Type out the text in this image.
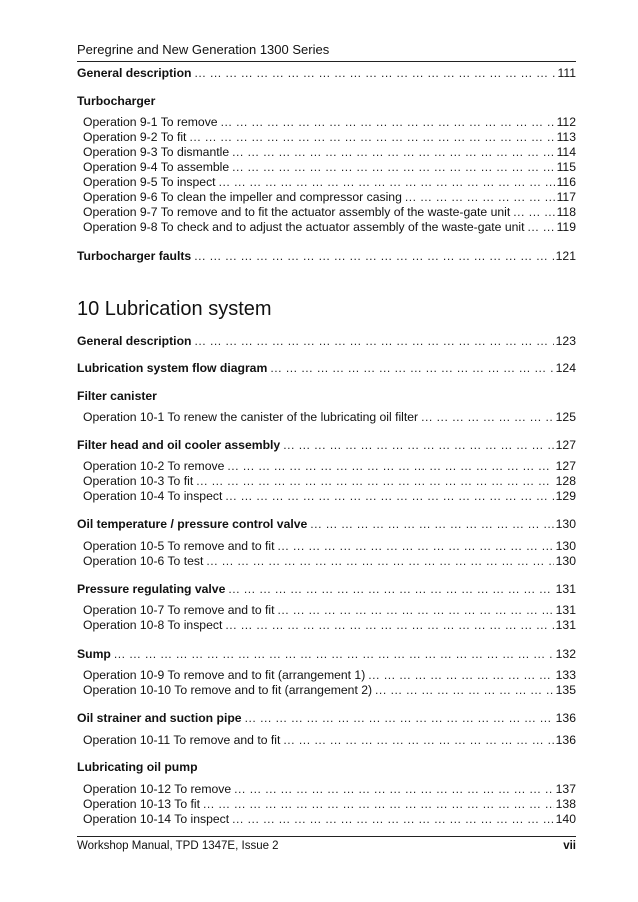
Peregrine and New Generation 1300 Series
General description ... .	111
Turbocharger
Operation 9-1 To remove ... .	112
Operation 9-2 To fit ... .	113
Operation 9-3 To dismantle ... .	114
Operation 9-4 To assemble ... .	115
Operation 9-5 To inspect ... .	116
Operation 9-6 To clean the impeller and compressor casing ... .	117
Operation 9-7 To remove and to fit the actuator assembly of the waste-gate unit ... .	118
Operation 9-8 To check and to adjust the actuator assembly of the waste-gate unit ... .	119
Turbocharger faults ... .	121
10 Lubrication system
General description ... .	123
Lubrication system flow diagram ... .	124
Filter canister
Operation 10-1 To renew the canister of the lubricating oil filter ... .	125
Filter head and oil cooler assembly ... .	127
Operation 10-2 To remove ... .	127
Operation 10-3 To fit ... .	128
Operation 10-4 To inspect ... .	129
Oil temperature / pressure control valve ... .	130
Operation 10-5 To remove and to fit ... .	130
Operation 10-6 To test ... .	130
Pressure regulating valve ... .	131
Operation 10-7 To remove and to fit ... .	131
Operation 10-8 To inspect ... .	131
Sump ... .	132
Operation 10-9 To remove and to fit (arrangement 1) ... .	133
Operation 10-10 To remove and to fit (arrangement 2) ... .	135
Oil strainer and suction pipe ... .	136
Operation 10-11 To remove and to fit ... .	136
Lubricating oil pump
Operation 10-12 To remove ... .	137
Operation 10-13 To fit ... .	138
Operation 10-14 To inspect ... .	140
Workshop Manual, TPD 1347E, Issue 2	vii
